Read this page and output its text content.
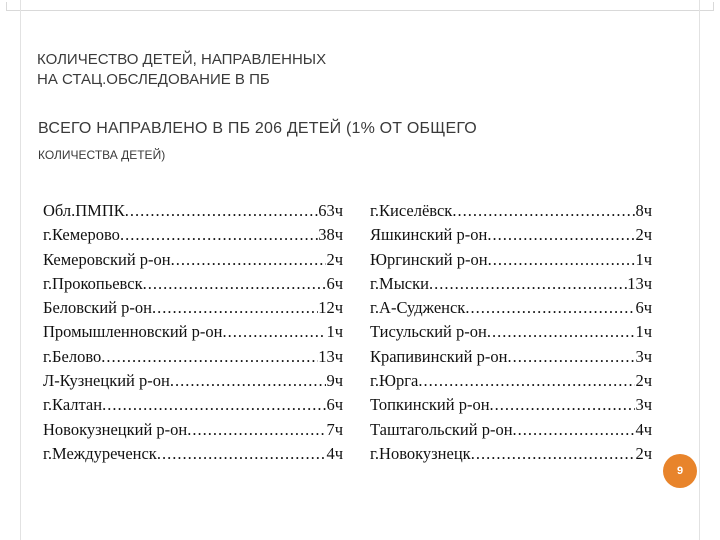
КОЛИЧЕСТВО ДЕТЕЙ, НАПРАВЛЕННЫХ
НА СТАЦ.ОБСЛЕДОВАНИЕ В ПБ
ВСЕГО НАПРАВЛЕНО В ПБ 206 ДЕТЕЙ (1% ОТ ОБЩЕГО
КОЛИЧЕСТВА ДЕТЕЙ)
Обл.ПМПК .....	63ч
г.Кемерово .....	38ч
Кемеровский р-он .....	2ч
г.Прокопьевск .....	6ч
Беловский р-он .....	12ч
Промышленновский р-он .....	1ч
г.Белово .....	13ч
Л-Кузнецкий р-он .....	9ч
г.Калтан .....	6ч
Новокузнецкий р-он .....	7ч
г.Междуреченск .....	4ч
г.Киселёвск .....	8ч
Яшкинский р-он .....	2ч
Юргинский р-он .....	1ч
г.Мыски .....	13ч
г.А-Судженск .....	6ч
Тисульский р-он .....	1ч
Крапивинский р-он .....	3ч
г.Юрга .....	2ч
Топкинский р-он .....	3ч
Таштагольский р-он .....	4ч
г.Новокузнецк .....	2ч
9
